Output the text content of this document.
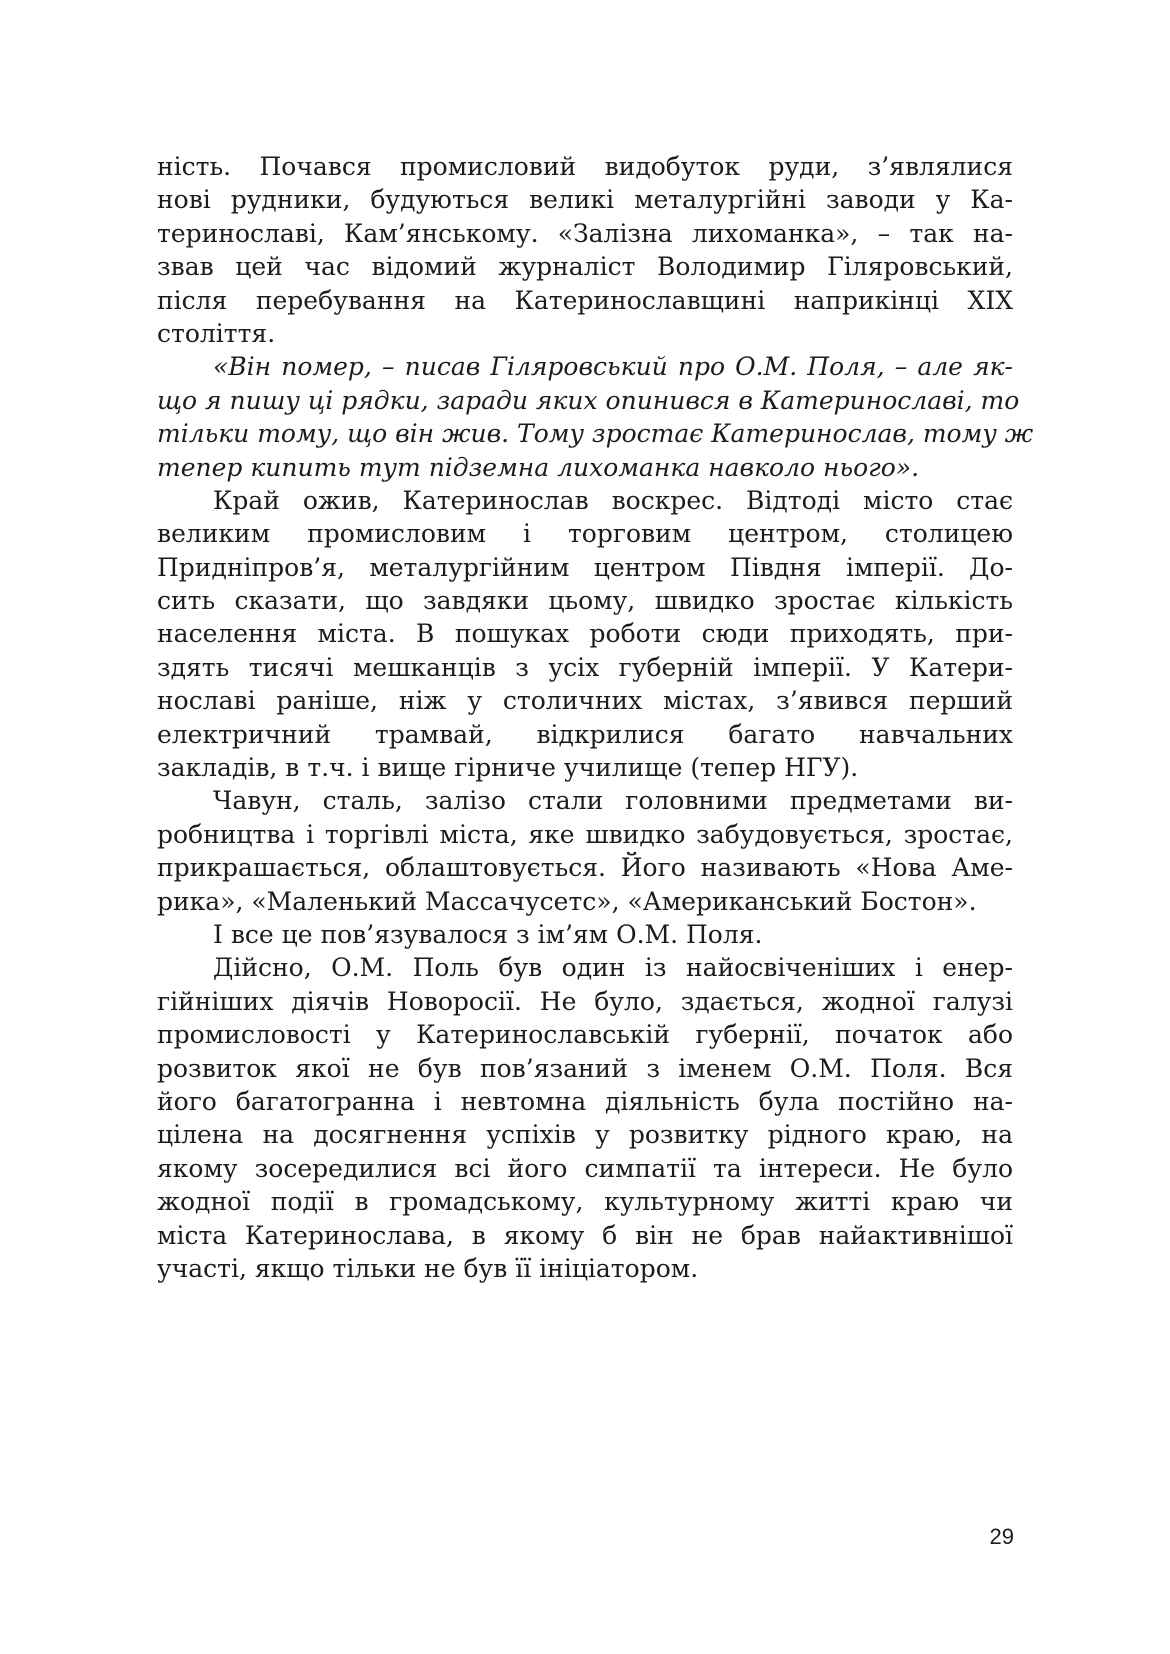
ність. Почався промисловий видобуток руди, з’являлися
нові рудники, будуються великі металургійні заводи у Ка-
теринославі, Кам’янському. «Залізна лихоманка», – так на-
звав цей час відомий журналіст Володимир Гіляровський,
після перебування на Катеринославщині наприкінці XIX
століття.
«Він помер, – писав Гіляровський про О.М. Поля, – але як-
що я пишу ці рядки, заради яких опинився в Катеринославі, то
тільки тому, що він жив. Тому зростає Катеринослав, тому ж
тепер кипить тут підземна лихоманка навколо нього».
Край ожив, Катеринослав воскрес. Відтоді місто стає
великим промисловим і торговим центром, столицею
Придніпров’я, металургійним центром Півдня імперії. До-
сить сказати, що завдяки цьому, швидко зростає кількість
населення міста. В пошуках роботи сюди приходять, при-
здять тисячі мешканців з усіх губерній імперії. У Катери-
нославі раніше, ніж у столичних містах, з’явився перший
електричний трамвай, відкрилися багато навчальних
закладів, в т.ч. і вище гірниче училище (тепер НГУ).
Чавун, сталь, залізо стали головними предметами ви-
робництва і торгівлі міста, яке швидко забудовується, зростає,
прикрашається, облаштовується. Його називають «Нова Аме-
рика», «Маленький Массачусетс», «Американський Бостон».
І все це пов’язувалося з ім’ям О.М. Поля.
Дійсно, О.М. Поль був один із найосвіченіших і енер-
гійніших діячів Новоросії. Не було, здається, жодної галузі
промисловості у Катеринославській губернії, початок або
розвиток якої не був пов’язаний з іменем О.М. Поля. Вся
його багатогранна і невтомна діяльність була постійно на-
цілена на досягнення успіхів у розвитку рідного краю, на
якому зосередилися всі його симпатії та інтереси. Не було
жодної події в громадському, культурному житті краю чи
міста Катеринослава, в якому б він не брав найактивнішої
участі, якщо тільки не був її ініціатором.
29
